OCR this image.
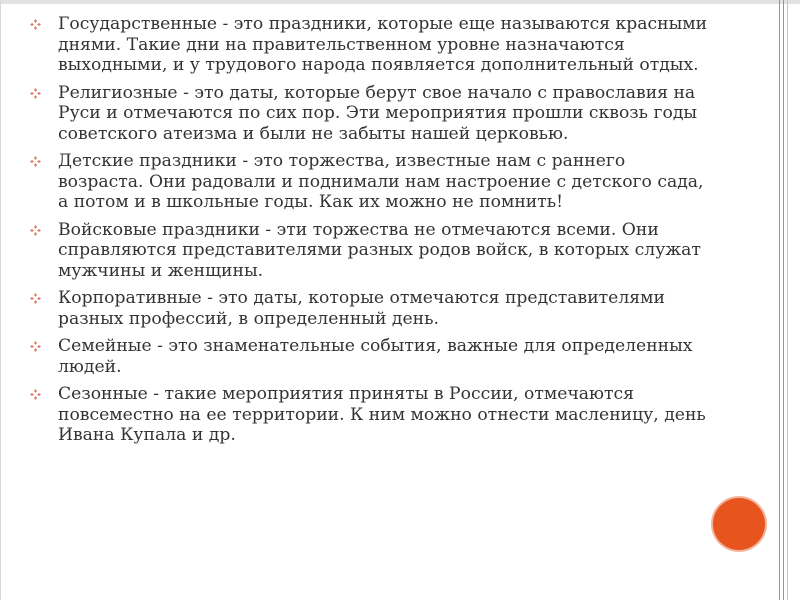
Государственные - это праздники, которые еще называются красными днями. Такие дни на правительственном уровне назначаются выходными, и у трудового народа появляется дополнительный отдых.
Религиозные - это даты, которые берут свое начало с православия на Руси и отмечаются по сих пор. Эти мероприятия прошли сквозь годы советского атеизма и были не забыты нашей церковью.
Детские праздники - это торжества, известные нам с раннего возраста. Они радовали и поднимали нам настроение с детского сада, а потом и в школьные годы. Как их можно не помнить!
Войсковые праздники - эти торжества не отмечаются всеми. Они справляются представителями разных родов войск, в которых служат мужчины и женщины.
Корпоративные - это даты, которые отмечаются представителями разных профессий, в определенный день.
Семейные - это знаменательные события, важные для определенных людей.
Сезонные - такие мероприятия приняты в России, отмечаются повсеместно на ее территории. К ним можно отнести масленицу, день Ивана Купала и др.
